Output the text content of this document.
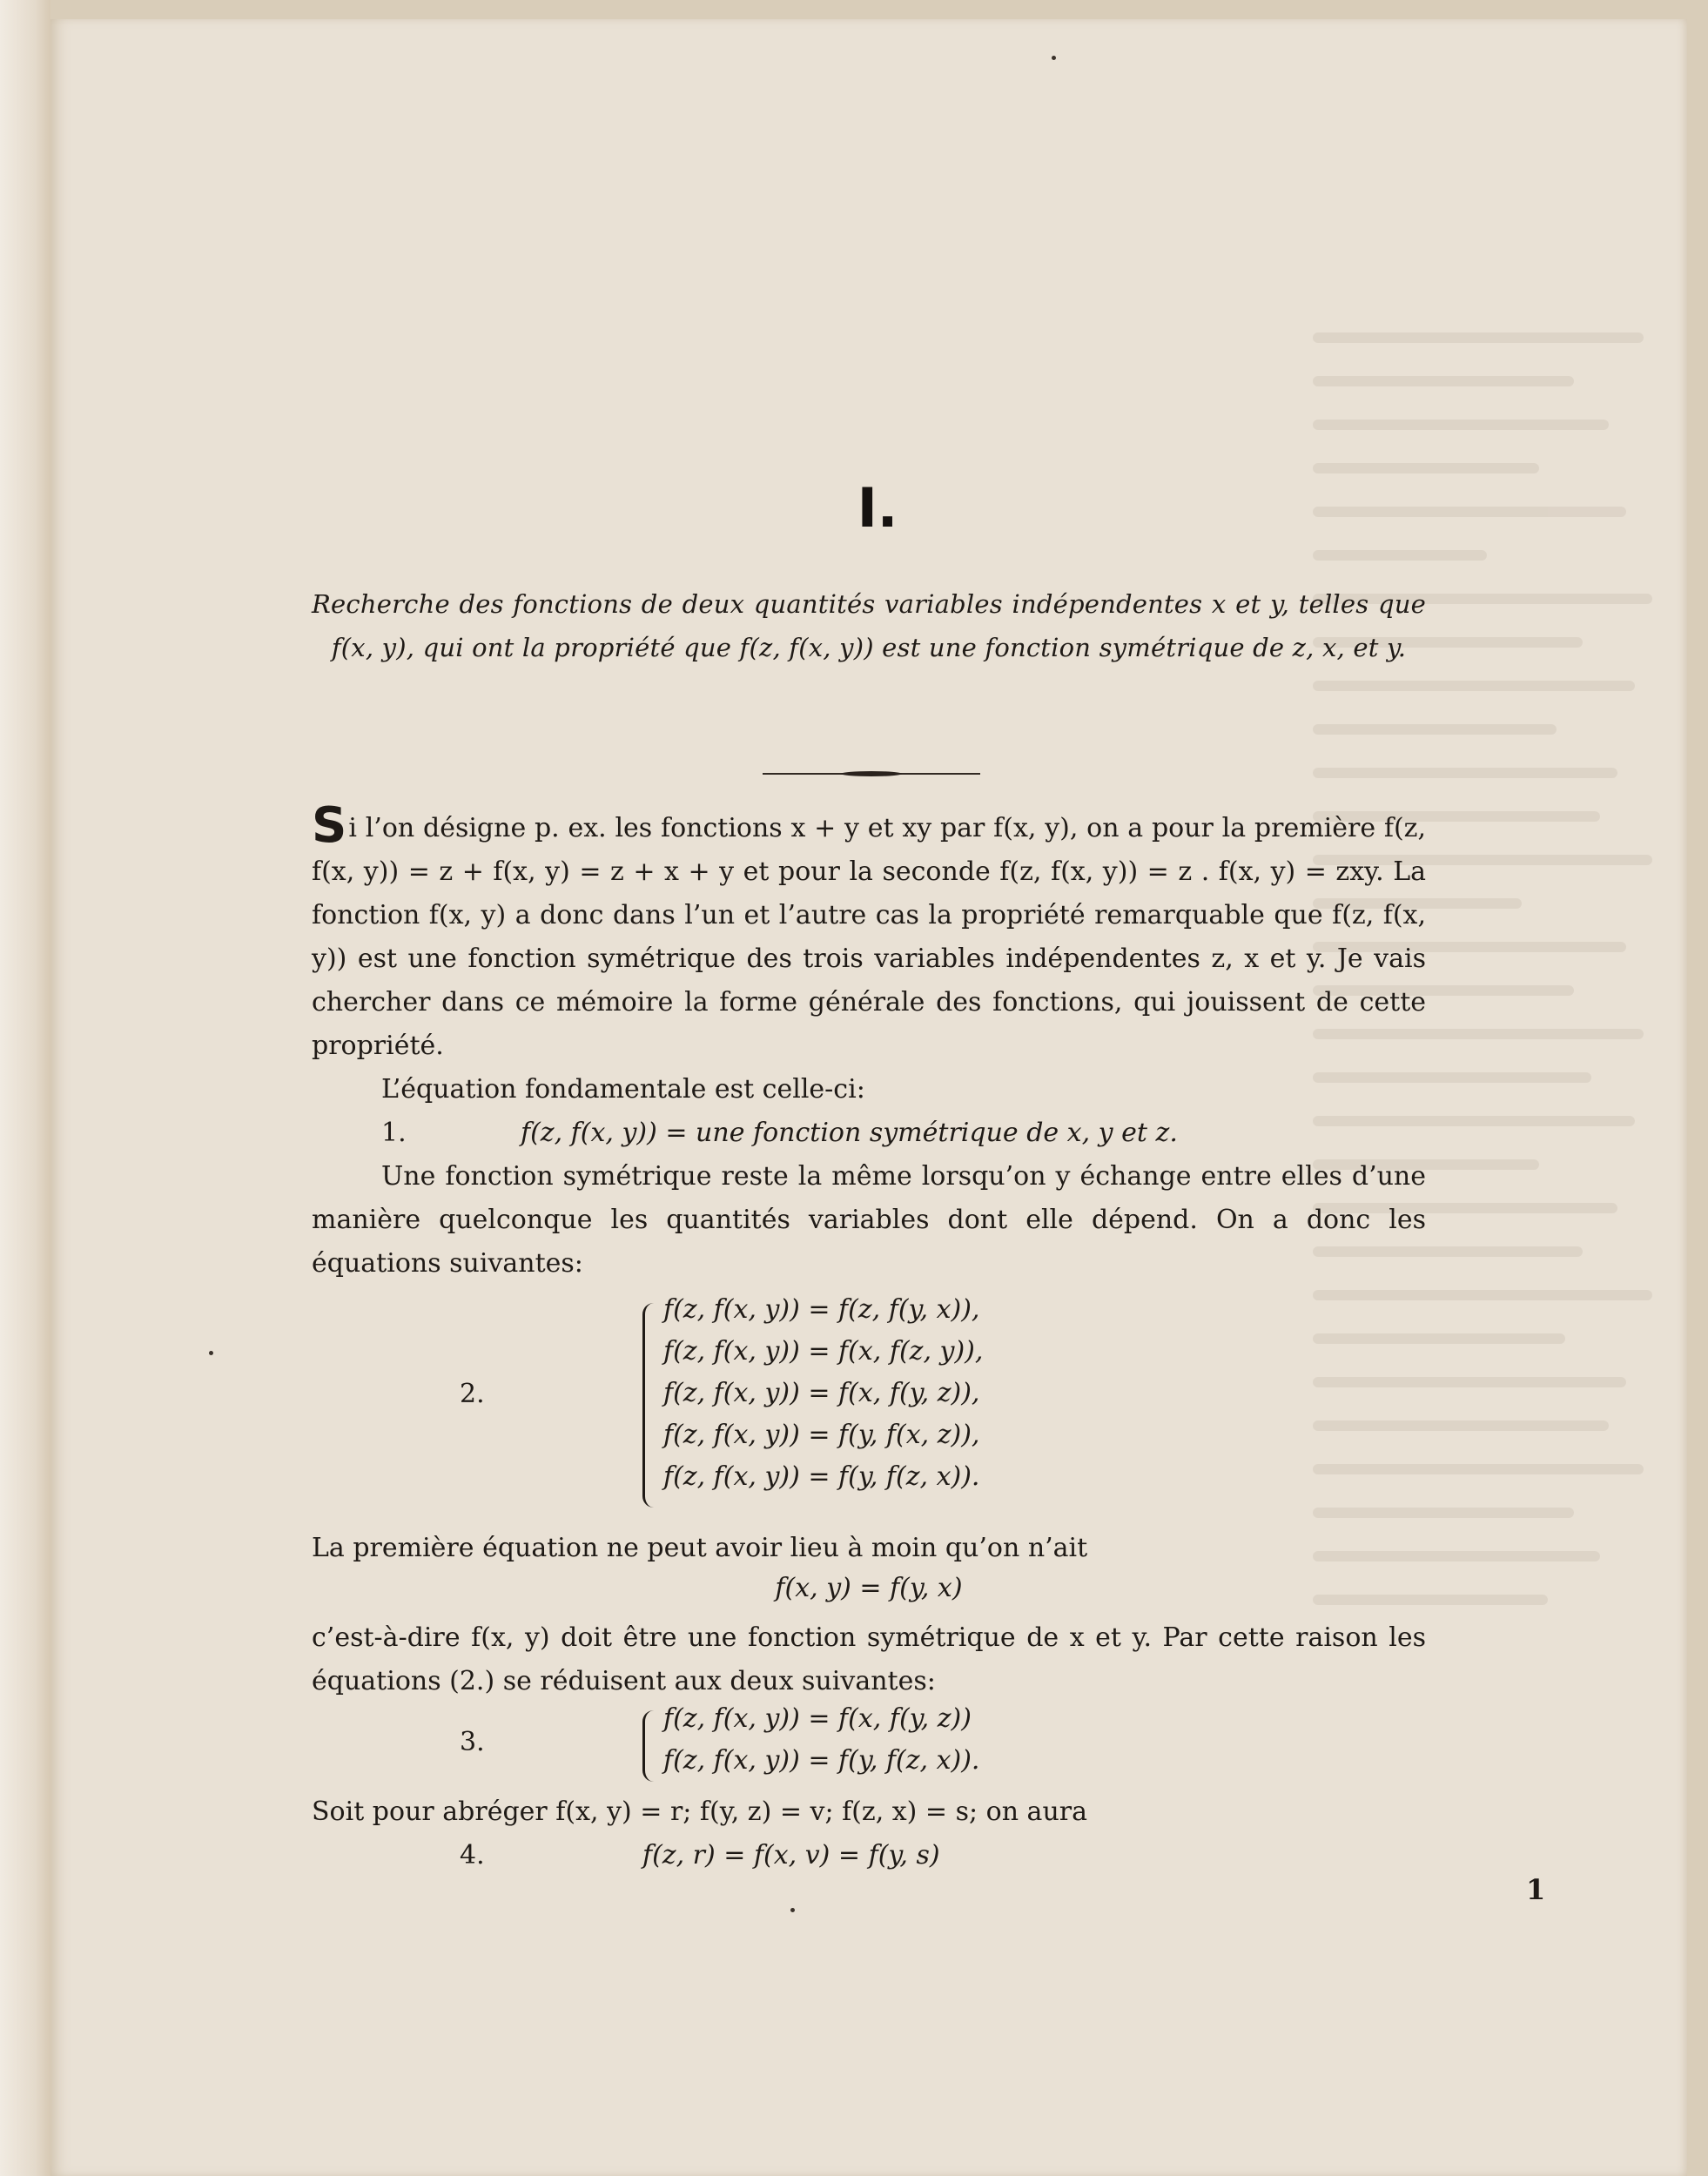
I.
Recherche des fonctions de deux quantités variables indépendentes x et y, telles que f(x, y), qui ont la propriété que f(z, f(x, y)) est une fonction symétrique de z, x, et y.

Si l’on désigne p. ex. les fonctions x + y et xy par f(x, y), on a pour la première f(z, f(x, y)) = z + f(x, y) = z + x + y et pour la seconde f(z, f(x, y)) = z . f(x, y) = zxy. La fonction f(x, y) a donc dans l’un et l’autre cas la propriété remarquable que f(z, f(x, y)) est une fonction symétrique des trois variables indépendentes z, x et y. Je vais chercher dans ce mémoire la forme générale des fonctions, qui jouissent de cette propriété.

L’équation fondamentale est celle-ci:

1.	f(z, f(x, y)) = une fonction symétrique de x, y et z.

Une fonction symétrique reste la même lorsqu’on y échange entre elles d’une manière quelconque les quantités variables dont elle dépend. On a donc les équations suivantes:

2.
f(z, f(x, y)) = f(z, f(y, x)),
f(z, f(x, y)) = f(x, f(z, y)),
f(z, f(x, y)) = f(x, f(y, z)),
f(z, f(x, y)) = f(y, f(x, z)),
f(z, f(x, y)) = f(y, f(z, x)).

La première équation ne peut avoir lieu à moin qu’on n’ait

f(x, y) = f(y, x)

c’est-à-dire f(x, y) doit être une fonction symétrique de x et y. Par cette raison les équations (2.) se réduisent aux deux suivantes:

3.
f(z, f(x, y)) = f(x, f(y, z))
f(z, f(x, y)) = f(y, f(z, x)).

Soit pour abréger f(x, y) = r; f(y, z) = v; f(z, x) = s; on aura

4.	f(z, r) = f(x, v) = f(y, s)
1
